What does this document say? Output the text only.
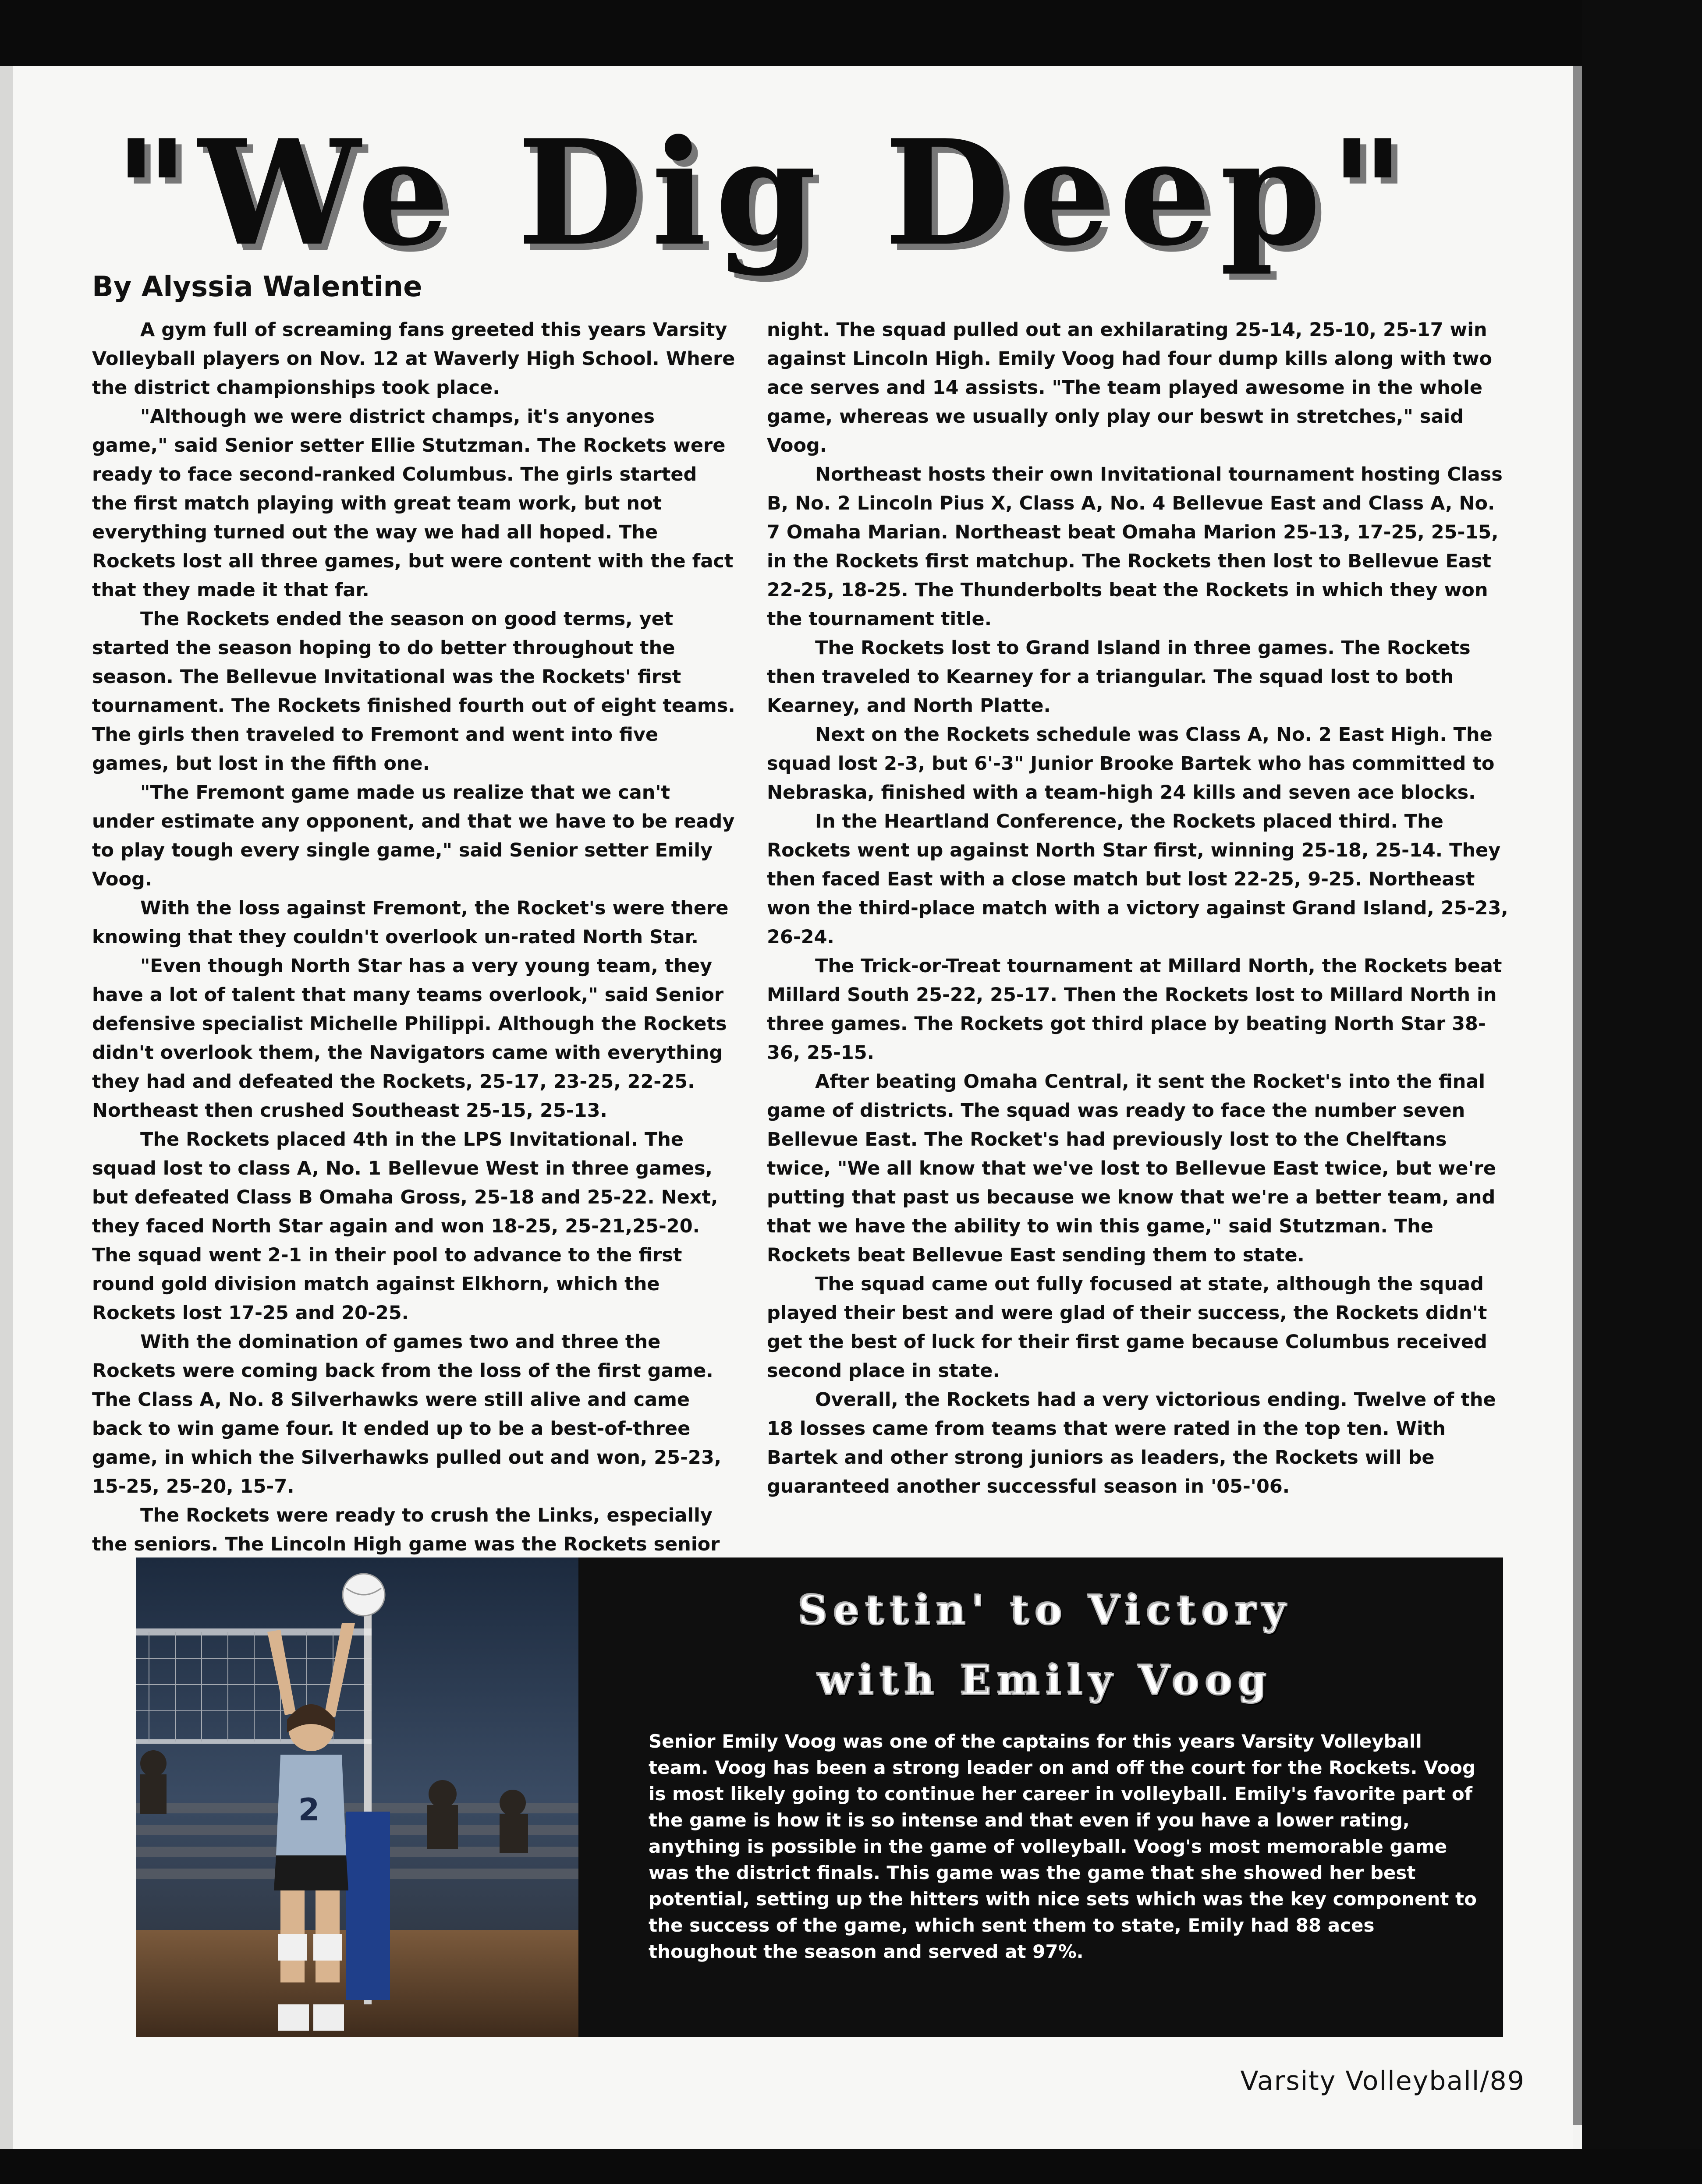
"We Dig Deep"
By Alyssia Walentine

A gym full of screaming fans greeted this years Varsity Volleyball players on Nov. 12 at Waverly High School. Where the district championships took place.

"Although we were district champs, it's anyones game," said Senior setter Ellie Stutzman. The Rockets were ready to face second-ranked Columbus. The girls started the first match playing with great team work, but not everything turned out the way we had all hoped. The Rockets lost all three games, but were content with the fact that they made it that far.

The Rockets ended the season on good terms, yet started the season hoping to do better throughout the season. The Bellevue Invitational was the Rockets' first tournament. The Rockets finished fourth out of eight teams. The girls then traveled to Fremont and went into five games, but lost in the fifth one.

"The Fremont game made us realize that we can't under estimate any opponent, and that we have to be ready to play tough every single game," said Senior setter Emily Voog.

With the loss against Fremont, the Rocket's were there knowing that they couldn't overlook un-rated North Star.

"Even though North Star has a very young team, they have a lot of talent that many teams overlook," said Senior defensive specialist Michelle Philippi. Although the Rockets didn't overlook them, the Navigators came with everything they had and defeated the Rockets, 25-17, 23-25, 22-25. Northeast then crushed Southeast 25-15, 25-13.

The Rockets placed 4th in the LPS Invitational. The squad lost to class A, No. 1 Bellevue West in three games, but defeated Class B Omaha Gross, 25-18 and 25-22. Next, they faced North Star again and won 18-25, 25-21,25-20. The squad went 2-1 in their pool to advance to the first round gold division match against Elkhorn, which the Rockets lost 17-25 and 20-25.

With the domination of games two and three the Rockets were coming back from the loss of the first game. The Class A, No. 8 Silverhawks were still alive and came back to win game four. It ended up to be a best-of-three game, in which the Silverhawks pulled out and won, 25-23, 15-25, 25-20, 15-7.

The Rockets were ready to crush the Links, especially the seniors. The Lincoln High game was the Rockets senior

night. The squad pulled out an exhilarating 25-14, 25-10, 25-17 win against Lincoln High. Emily Voog had four dump kills along with two ace serves and 14 assists. "The team played awesome in the whole game, whereas we usually only play our beswt in stretches," said Voog.

Northeast hosts their own Invitational tournament hosting Class B, No. 2 Lincoln Pius X, Class A, No. 4 Bellevue East and Class A, No. 7 Omaha Marian. Northeast beat Omaha Marion 25-13, 17-25, 25-15, in the Rockets first matchup. The Rockets then lost to Bellevue East 22-25, 18-25. The Thunderbolts beat the Rockets in which they won the tournament title.

The Rockets lost to Grand Island in three games. The Rockets then traveled to Kearney for a triangular. The squad lost to both Kearney, and North Platte.

Next on the Rockets schedule was Class A, No. 2 East High. The squad lost 2-3, but 6'-3" Junior Brooke Bartek who has committed to Nebraska, finished with a team-high 24 kills and seven ace blocks.

In the Heartland Conference, the Rockets placed third. The Rockets went up against North Star first, winning 25-18, 25-14. They then faced East with a close match but lost 22-25, 9-25. Northeast won the third-place match with a victory against Grand Island, 25-23, 26-24.

The Trick-or-Treat tournament at Millard North, the Rockets beat Millard South 25-22, 25-17. Then the Rockets lost to Millard North in three games. The Rockets got third place by beating North Star 38-36, 25-15.

After beating Omaha Central, it sent the Rocket's into the final game of districts. The squad was ready to face the number seven Bellevue East. The Rocket's had previously lost to the Chelftans twice, "We all know that we've lost to Bellevue East twice, but we're putting that past us because we know that we're a better team, and that we have the ability to win this game," said Stutzman. The Rockets beat Bellevue East sending them to state.

The squad came out fully focused at state, although the squad played their best and were glad of their success, the Rockets didn't get the best of luck for their first game because Columbus received second place in state.

Overall, the Rockets had a very victorious ending. Twelve of the 18 losses came from teams that were rated in the top ten. With Bartek and other strong juniors as leaders, the Rockets will be guaranteed another successful season in '05-'06.

2
Settin' to Victory
with Emily Voog
Senior Emily Voog was one of the captains for this years Varsity Volleyball team. Voog has been a strong leader on and off the court for the Rockets. Voog is most likely going to continue her career in volleyball. Emily's favorite part of the game is how it is so intense and that even if you have a lower rating, anything is possible in the game of volleyball. Voog's most memorable game was the district finals. This game was the game that she showed her best potential, setting up the hitters with nice sets which was the key component to the success of the game, which sent them to state, Emily had 88 aces thoughout the season and served at 97%.
Varsity Volleyball/89
